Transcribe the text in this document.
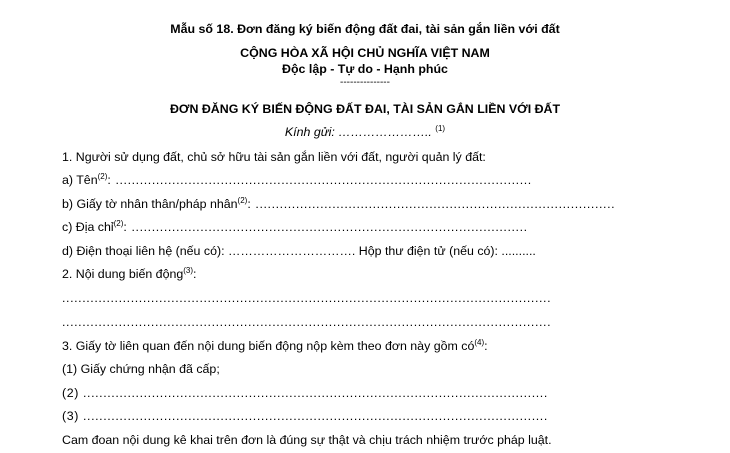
Mẫu số 18. Đơn đăng ký biến động đất đai, tài sản gắn liền với đất
CỘNG HÒA XÃ HỘI CHỦ NGHĨA VIỆT NAM
Độc lập - Tự do - Hạnh phúc
---------------
ĐƠN ĐĂNG KÝ BIẾN ĐỘNG ĐẤT ĐAI, TÀI SẢN GẮN LIỀN VỚI ĐẤT
Kính gửi: ………………….. $^{(1)}$
1. Người sử dụng đất, chủ sở hữu tài sản gắn liền với đất, người quản lý đất:
a) Tên$^{(2)}$: .......................................................................................................
b) Giấy tờ nhân thân/pháp nhân$^{(2)}$: .........................................................................................
c) Địa chỉ$^{(2)}$: ..................................................................................................
d) Điện thoại liên hệ (nếu có): …………………………. Hộp thư điện tử (nếu có): ..........
2. Nội dung biến động$^{(3)}$:
.........................................................................................................................
.........................................................................................................................
3. Giấy tờ liên quan đến nội dung biến động nộp kèm theo đơn này gồm $có^{(4)}$:
(1) Giấy chứng nhận đã cấp;
(2) ...................................................................................................................
(3) ...................................................................................................................
Cam đoan nội dung kê khai trên đơn là đúng sự thật và chịu trách nhiệm trước pháp luật.
